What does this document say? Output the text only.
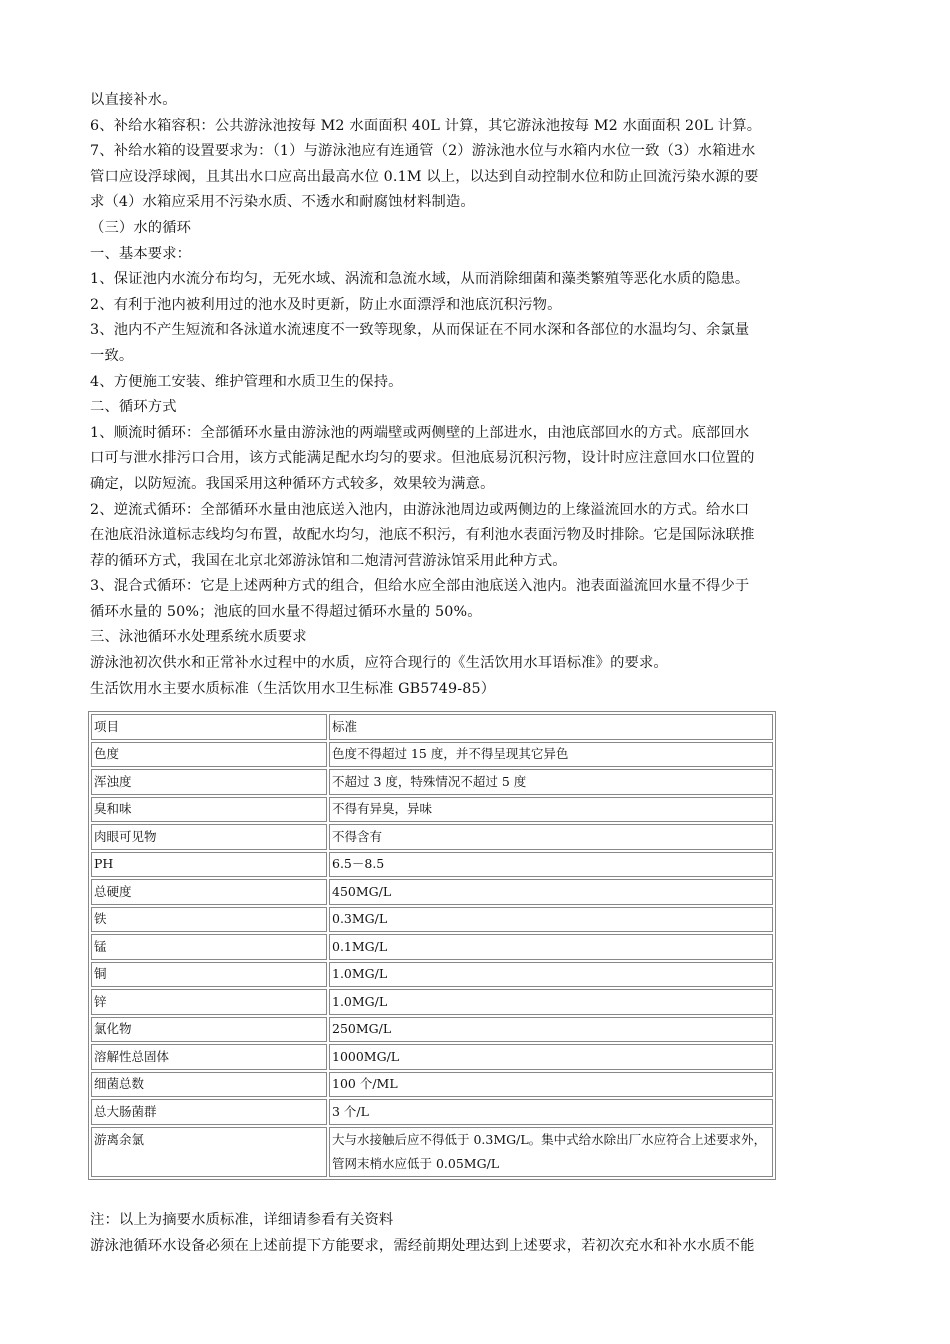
以直接补水。

6、补给水箱容积：公共游泳池按每 M2 水面面积 40L 计算，其它游泳池按每 M2 水面面积 20L 计算。

7、补给水箱的设置要求为：（1）与游泳池应有连通管（2）游泳池水位与水箱内水位一致（3）水箱进水

管口应设浮球阀，且其出水口应高出最高水位 0.1M 以上，以达到自动控制水位和防止回流污染水源的要

求（4）水箱应采用不污染水质、不透水和耐腐蚀材料制造。

（三）水的循环

一、基本要求：

1、保证池内水流分布均匀，无死水域、涡流和急流水域，从而消除细菌和藻类繁殖等恶化水质的隐患。

2、有利于池内被利用过的池水及时更新，防止水面漂浮和池底沉积污物。

3、池内不产生短流和各泳道水流速度不一致等现象，从而保证在不同水深和各部位的水温均匀、余氯量

一致。

4、方便施工安装、维护管理和水质卫生的保持。

二、循环方式

1、顺流时循环：全部循环水量由游泳池的两端壁或两侧壁的上部进水，由池底部回水的方式。底部回水

口可与泄水排污口合用，该方式能满足配水均匀的要求。但池底易沉积污物，设计时应注意回水口位置的

确定，以防短流。我国采用这种循环方式较多，效果较为满意。

2、逆流式循环：全部循环水量由池底送入池内，由游泳池周边或两侧边的上缘溢流回水的方式。给水口

在池底沿泳道标志线均匀布置，故配水均匀，池底不积污，有利池水表面污物及时排除。它是国际泳联推

荐的循环方式，我国在北京北郊游泳馆和二炮清河营游泳馆采用此种方式。

3、混合式循环：它是上述两种方式的组合，但给水应全部由池底送入池内。池表面溢流回水量不得少于

循环水量的 50%；池底的回水量不得超过循环水量的 50%。

三、泳池循环水处理系统水质要求

游泳池初次供水和正常补水过程中的水质，应符合现行的《生活饮用水耳语标准》的要求。

生活饮用水主要水质标准（生活饮用水卫生标准 GB5749-85）

项目	标准
色度	色度不得超过 15 度，并不得呈现其它异色
浑浊度	不超过 3 度，特殊情况不超过 5 度
臭和味	不得有异臭，异味
肉眼可见物	不得含有
PH	6.5－8.5
总硬度	450MG/L
铁	0.3MG/L
锰	0.1MG/L
铜	1.0MG/L
锌	1.0MG/L
氯化物	250MG/L
溶解性总固体	1000MG/L
细菌总数	100 个/ML
总大肠菌群	3 个/L
游离余氯	大与水接触后应不得低于 0.3MG/L。集中式给水除出厂水应符合上述要求外，管网末梢水应低于 0.05MG/L

注：以上为摘要水质标准，详细请参看有关资料

游泳池循环水设备必须在上述前提下方能要求，需经前期处理达到上述要求，若初次充水和补水水质不能
